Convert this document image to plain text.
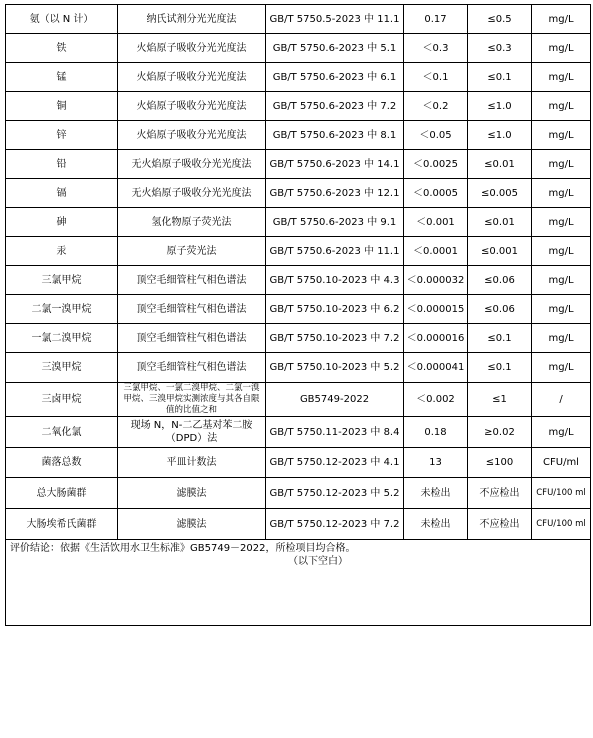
氨（以 N 计）	纳氏试剂分光光度法	GB/T 5750.5-2023 中 11.1	0.17	≤0.5	mg/L
铁	火焰原子吸收分光光度法	GB/T 5750.6-2023 中 5.1	＜0.3	≤0.3	mg/L
锰	火焰原子吸收分光光度法	GB/T 5750.6-2023 中 6.1	＜0.1	≤0.1	mg/L
铜	火焰原子吸收分光光度法	GB/T 5750.6-2023 中 7.2	＜0.2	≤1.0	mg/L
锌	火焰原子吸收分光光度法	GB/T 5750.6-2023 中 8.1	＜0.05	≤1.0	mg/L
铅	无火焰原子吸收分光光度法	GB/T 5750.6-2023 中 14.1	＜0.0025	≤0.01	mg/L
镉	无火焰原子吸收分光光度法	GB/T 5750.6-2023 中 12.1	＜0.0005	≤0.005	mg/L
砷	氢化物原子荧光法	GB/T 5750.6-2023 中 9.1	＜0.001	≤0.01	mg/L
汞	原子荧光法	GB/T 5750.6-2023 中 11.1	＜0.0001	≤0.001	mg/L
三氯甲烷	顶空毛细管柱气相色谱法	GB/T 5750.10-2023 中 4.3	＜0.000032	≤0.06	mg/L
二氯一溴甲烷	顶空毛细管柱气相色谱法	GB/T 5750.10-2023 中 6.2	＜0.000015	≤0.06	mg/L
一氯二溴甲烷	顶空毛细管柱气相色谱法	GB/T 5750.10-2023 中 7.2	＜0.000016	≤0.1	mg/L
三溴甲烷	顶空毛细管柱气相色谱法	GB/T 5750.10-2023 中 5.2	＜0.000041	≤0.1	mg/L
三卤甲烷	三氯甲烷、一氯二溴甲烷、二氯一溴甲烷、三溴甲烷实测浓度与其各自限值的比值之和	GB5749-2022	＜0.002	≤1	/
二氧化氯	现场 N，N-二乙基对苯二胺（DPD）法	GB/T 5750.11-2023 中 8.4	0.18	≥0.02	mg/L
菌落总数	平皿计数法	GB/T 5750.12-2023 中 4.1	13	≤100	CFU/ml
总大肠菌群	滤膜法	GB/T 5750.12-2023 中 5.2	未检出	不应检出	CFU/100 ml
大肠埃希氏菌群	滤膜法	GB/T 5750.12-2023 中 7.2	未检出	不应检出	CFU/100 ml
评价结论：依据《生活饮用水卫生标准》GB5749－2022，所检项目均合格。
（以下空白）					
